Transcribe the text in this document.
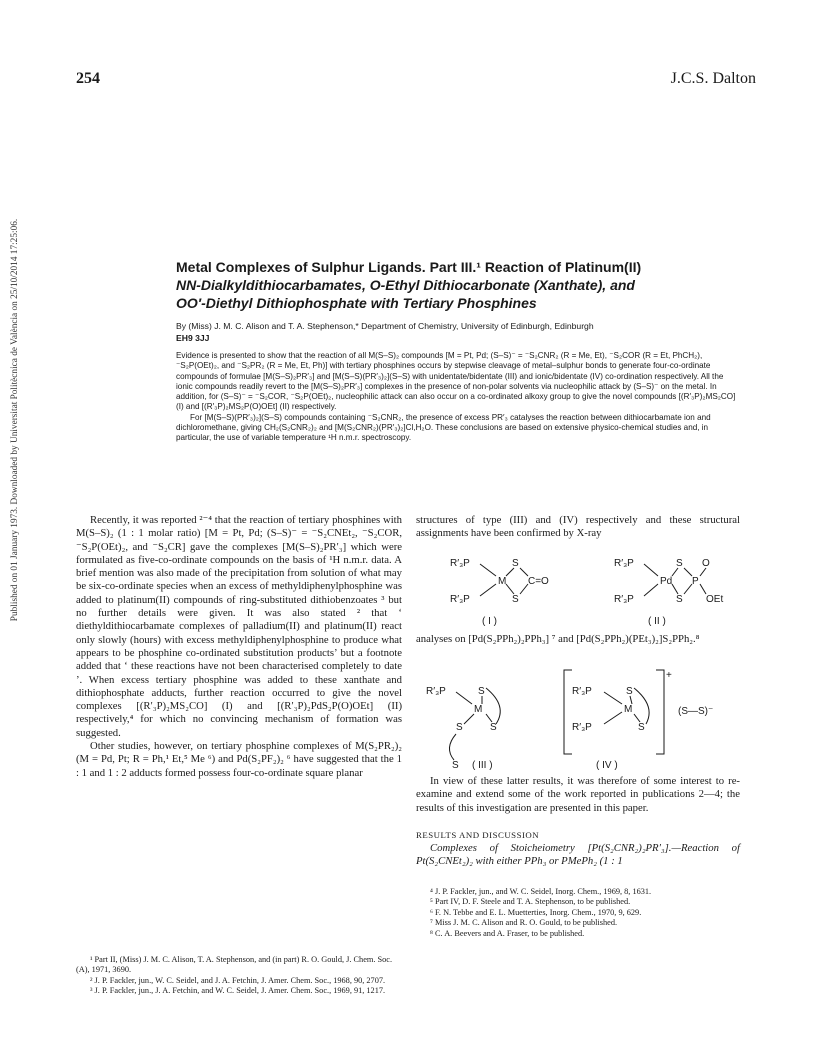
Published on 01 January 1973. Downloaded by Universitat Politècnica de València on 25/10/2014 17:25:06.
254	J.C.S. Dalton
Metal Complexes of Sulphur Ligands. Part III.¹ Reaction of Platinum(II)
NN-Dialkyldithiocarbamates, O-Ethyl Dithiocarbonate (Xanthate), and
OO′-Diethyl Dithiophosphate with Tertiary Phosphines
By (Miss) J. M. C. Alison and T. A. Stephenson,* Department of Chemistry, University of Edinburgh, Edinburgh
EH9 3JJ

Evidence is presented to show that the reaction of all M(S–S)₂ compounds [M = Pt, Pd; (S–S)⁻ = ⁻S₂CNR₂ (R = Me, Et), ⁻S₂COR (R = Et, PhCH₂), ⁻S₂P(OEt)₂, and ⁻S₂PR₂ (R = Me, Et, Ph)] with tertiary phosphines occurs by stepwise cleavage of metal–sulphur bonds to generate four-co-ordinate compounds of formulae [M(S–S)₂PR′₃] and [M(S–S)(PR′₃)₂](S–S) with unidentate/bidentate (III) and ionic/bidentate (IV) co-ordination respectively. All the ionic compounds readily revert to the [M(S–S)₂PR′₃] complexes in the presence of non-polar solvents via nucleophilic attack by (S–S)⁻ on the metal. In addition, for (S–S)⁻ = ⁻S₂COR, ⁻S₂P(OEt)₂, nucleophilic attack can also occur on a co-ordinated alkoxy group to give the novel compounds [(R′₃P)₂MS₂CO] (I) and [(R′₃P)₂MS₂P(O)OEt] (II) respectively.

For [M(S–S)(PR′₃)₂](S–S) compounds containing ⁻S₂CNR₂, the presence of excess PR′₃ catalyses the reaction between dithiocarbamate ion and dichloromethane, giving CH₂(S₂CNR₂)₂ and [M(S₂CNR₂)(PR′₃)₂]Cl,H₂O. These conclusions are based on extensive physico-chemical studies and, in particular, the use of variable temperature ¹H n.m.r. spectroscopy.

Recently, it was reported ²⁻⁴ that the reaction of tertiary phosphines with M(S–S)₂ (1 : 1 molar ratio) [M = Pt, Pd; (S–S)⁻ = ⁻S₂CNEt₂, ⁻S₂COR, ⁻S₂P(OEt)₂, and ⁻S₂CR] gave the complexes [M(S–S)₂PR′₃] which were formulated as five-co-ordinate compounds on the basis of ¹H n.m.r. data. A brief mention was also made of the precipitation from solution of what may be six-co-ordinate species when an excess of methyldiphenylphosphine was added to platinum(II) compounds of ring-substituted dithiobenzoates ³ but no further details were given. It was also stated ² that ‘ diethyldithiocarbamate complexes of palladium(II) and platinum(II) react only slowly (hours) with excess methyldiphenylphosphine to produce what appears to be phosphine co-ordinated substitution products’ but a footnote added that ‘ these reactions have not been characterised completely to date ’. When excess tertiary phosphine was added to these xanthate and dithiophosphate adducts, further reaction occurred to give the novel complexes [(R′₃P)₂MS₂CO] (I) and [(R′₃P)₂PdS₂P(O)OEt] (II) respectively,⁴ for which no convincing mechanism of formation was suggested.

Other studies, however, on tertiary phosphine complexes of M(S₂PR₂)₂ (M = Pd, Pt; R = Ph,¹ Et,⁵ Me ⁶) and Pd(S₂PF₂)₂ ⁶ have suggested that the 1 : 1 and 1 : 2 adducts formed possess four-co-ordinate square planar

structures of type (III) and (IV) respectively and these structural assignments have been confirmed by X-ray
R′₃P
R′₃P
M
S
S
C=O
( I )
R′₃P
R′₃P
Pd
S
S
P
O
OEt
( II )
analyses on [Pd(S₂PPh₂)₂PPh₃] ⁷ and [Pd(S₂PPh₂)(PEt₃)₂]S₂PPh₂.⁸
R′₃P	S
M
S	S
S ( III )
R′₃P
R′₃P
S
M
S
+
(S—S)⁻
( IV )

In view of these latter results, it was therefore of some interest to re-examine and extend some of the work reported in publications 2—4; the results of this investigation are presented in this paper.

RESULTS AND DISCUSSION

Complexes of Stoicheiometry [Pt(S₂CNR₂)₂PR′₃].—Reaction of Pt(S₂CNEt₂)₂ with either PPh₃ or PMePh₂ (1 : 1

¹ Part II, (Miss) J. M. C. Alison, T. A. Stephenson, and (in part) R. O. Gould, J. Chem. Soc. (A), 1971, 3690.

² J. P. Fackler, jun., W. C. Seidel, and J. A. Fetchin, J. Amer. Chem. Soc., 1968, 90, 2707.

³ J. P. Fackler, jun., J. A. Fetchin, and W. C. Seidel, J. Amer. Chem. Soc., 1969, 91, 1217.

⁴ J. P. Fackler, jun., and W. C. Seidel, Inorg. Chem., 1969, 8, 1631.

⁵ Part IV, D. F. Steele and T. A. Stephenson, to be published.

⁶ F. N. Tebbe and E. L. Muetterties, Inorg. Chem., 1970, 9, 629.

⁷ Miss J. M. C. Alison and R. O. Gould, to be published.

⁸ C. A. Beevers and A. Fraser, to be published.
